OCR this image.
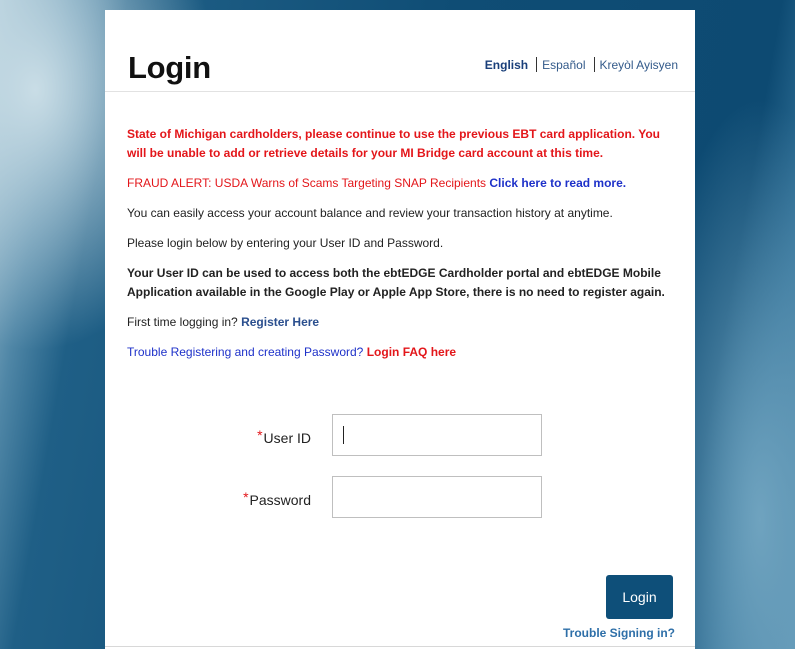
Login	English Español Kreyòl Ayisyen

State of Michigan cardholders, please continue to use the previous EBT card application. You will be unable to add or retrieve details for your MI Bridge card account at this time.

FRAUD ALERT: USDA Warns of Scams Targeting SNAP Recipients Click here to read more.

You can easily access your account balance and review your transaction history at anytime.

Please login below by entering your User ID and Password.

Your User ID can be used to access both the ebtEDGE Cardholder portal and ebtEDGE Mobile Application available in the Google Play or Apple App Store, there is no need to register again.

First time logging in? Register Here

Trouble Registering and creating Password? Login FAQ here

*User ID
*Password
Login
Trouble Signing in?
